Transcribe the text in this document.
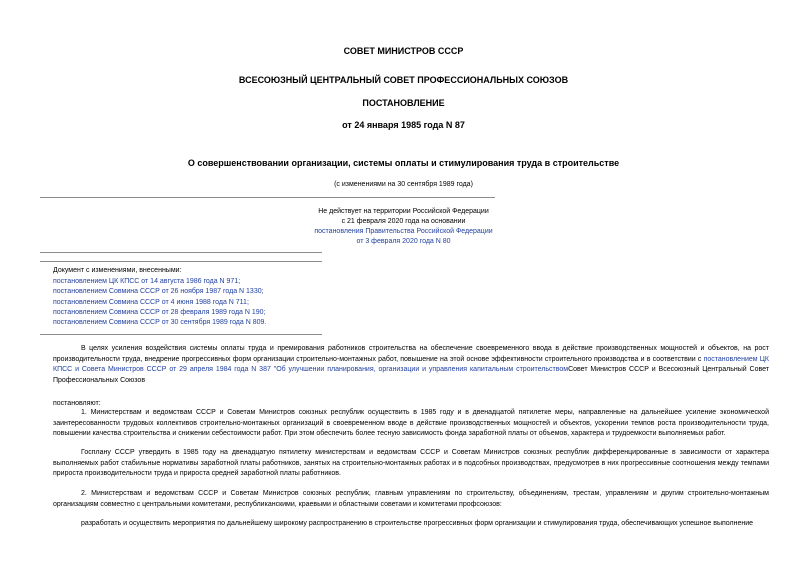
СОВЕТ МИНИСТРОВ СССР
ВСЕСОЮЗНЫЙ ЦЕНТРАЛЬНЫЙ СОВЕТ ПРОФЕССИОНАЛЬНЫХ СОЮЗОВ
ПОСТАНОВЛЕНИЕ
от 24 января 1985 года N 87
О совершенствовании организации, системы оплаты и стимулирования труда в строительстве
(с изменениями на 30 сентября 1989 года)
Не действует на территории Российской Федерации
с 21 февраля 2020 года на основании
постановления Правительства Российской Федерации
от 3 февраля 2020 года N 80
Документ с изменениями, внесенными:
постановлением ЦК КПСС от 14 августа 1986 года N 971;
постановлением Совмина СССР от 26 ноября 1987 года N 1330;
постановлением Совмина СССР от 4 июня 1988 года N 711;
постановлением Совмина СССР от 28 февраля 1989 года N 190;
постановлением Совмина СССР от 30 сентября 1989 года N 809.
В целях усиления воздействия системы оплаты труда и премирования работников строительства на обеспечение своевременного ввода в действие производственных мощностей и объектов, на рост производительности труда, внедрение прогрессивных форм организации строительно-монтажных работ, повышение на этой основе эффективности строительного производства и в соответствии с постановлением ЦК КПСС и Совета Министров СССР от 29 апреля 1984 года N 387 "Об улучшении планирования, организации и управления капитальным строительствомСовет Министров СССР и Всесоюзный Центральный Совет Профессиональных Союзов
постановляют:
1. Министерствам и ведомствам СССР и Советам Министров союзных республик осуществить в 1985 году и в двенадцатой пятилетке меры, направленные на дальнейшее усиление экономической заинтересованности трудовых коллективов строительно-монтажных организаций в своевременном вводе в действие производственных мощностей и объектов, ускорении темпов роста производительности труда, повышении качества строительства и снижении себестоимости работ. При этом обеспечить более тесную зависимость фонда заработной платы от объемов, характера и трудоемкости выполняемых работ.
Госплану СССР утвердить в 1985 году на двенадцатую пятилетку министерствам и ведомствам СССР и Советам Министров союзных республик дифференцированные в зависимости от характера выполняемых работ стабильные нормативы заработной платы работников, занятых на строительно-монтажных работах и в подсобных производствах, предусмотрев в них прогрессивные соотношения между темпами прироста производительности труда и прироста средней заработной платы работников.
2. Министерствам и ведомствам СССР и Советам Министров союзных республик, главным управлениям по строительству, объединениям, трестам, управлениям и другим строительно-монтажным организациям совместно с центральными комитетами, республиканскими, краевыми и областными советами и комитетами профсоюзов:
разработать и осуществить мероприятия по дальнейшему широкому распространению в строительстве прогрессивных форм организации и стимулирования труда, обеспечивающих успешное выполнение
